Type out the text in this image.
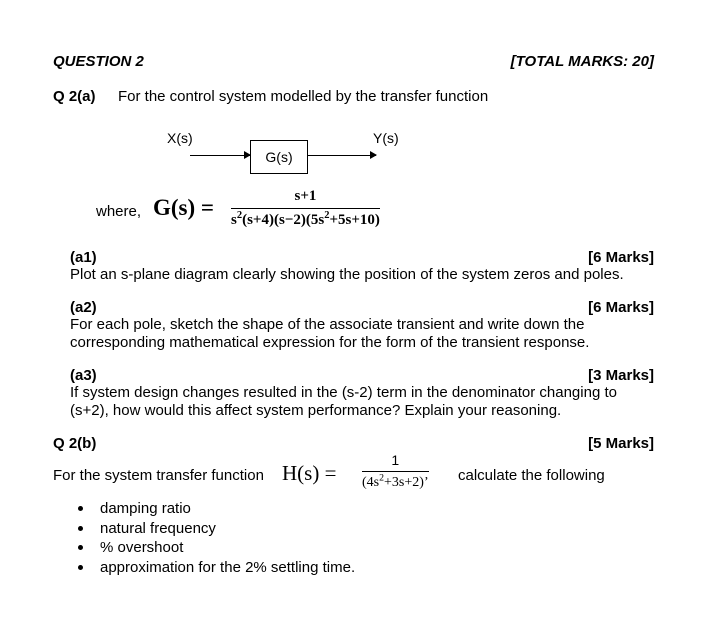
QUESTION 2	[TOTAL MARKS: 20]
Q 2(a) For the control system modelled by the transfer function
X(s)
G(s)
Y(s)
where, G(s) =	s+1
$s^2(s+4)(s-2)(5s^2+5s+10)$
(a1)	[6 Marks]
Plot an s-plane diagram clearly showing the position of the system zeros and poles.
(a2)	[6 Marks]
For each pole, sketch the shape of the associate transient and write down the
corresponding mathematical expression for the form of the transient response.
(a3)	[3 Marks]
If system design changes resulted in the (s-2) term in the denominator changing to
(s+2), how would this affect system performance? Explain your reasoning.
Q 2(b)	[5 Marks]
For the system transfer function H(s) =
1
$(4s^2+3s+2)$’ calculate the following
damping ratio
natural frequency
% overshoot
approximation for the 2% settling time.
